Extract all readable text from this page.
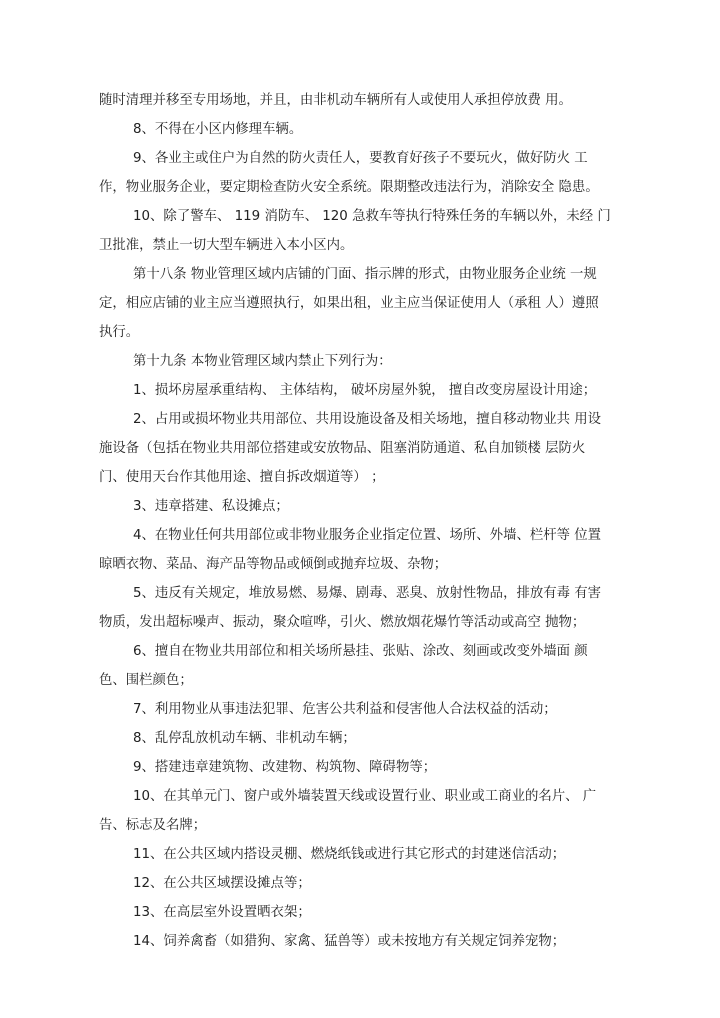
随时清理并移至专用场地，并且，由非机动车辆所有人或使用人承担停放费 用。
8、不得在小区内修理车辆。
9、各业主或住户为自然的防火责任人，要教育好孩子不要玩火，做好防火 工
作，物业服务企业，要定期检查防火安全系统。限期整改违法行为，消除安全 隐患。
10、除了警车、 119 消防车、 120 急救车等执行特殊任务的车辆以外，未经 门
卫批准，禁止一切大型车辆进入本小区内。
第十八条 物业管理区域内店铺的门面、指示牌的形式，由物业服务企业统 一规
定，相应店铺的业主应当遵照执行，如果出租，业主应当保证使用人（承租 人）遵照
执行。
第十九条 本物业管理区域内禁止下列行为：
1、损坏房屋承重结构、 主体结构， 破坏房屋外貌， 擅自改变房屋设计用途；
2、占用或损坏物业共用部位、共用设施设备及相关场地，擅自移动物业共 用设
施设备（包括在物业共用部位搭建或安放物品、阻塞消防通道、私自加锁楼 层防火
门、使用天台作其他用途、擅自拆改烟道等） ；
3、违章搭建、私设摊点；
4、在物业任何共用部位或非物业服务企业指定位置、场所、外墙、栏杆等 位置
晾晒衣物、菜品、海产品等物品或倾倒或抛弃垃圾、杂物；
5、违反有关规定，堆放易燃、易爆、剧毒、恶臭、放射性物品，排放有毒 有害
物质，发出超标噪声、振动，聚众喧哗，引火、燃放烟花爆竹等活动或高空 抛物；
6、擅自在物业共用部位和相关场所悬挂、张贴、涂改、刻画或改变外墙面 颜
色、围栏颜色；
7、利用物业从事违法犯罪、危害公共利益和侵害他人合法权益的活动；
8、乱停乱放机动车辆、非机动车辆；
9、搭建违章建筑物、改建物、构筑物、障碍物等；
10、在其单元门、窗户或外墙装置天线或设置行业、职业或工商业的名片、 广
告、标志及名牌；
11、在公共区域内搭设灵棚、燃烧纸钱或进行其它形式的封建迷信活动；
12、在公共区域摆设摊点等；
13、在高层室外设置晒衣架；
14、饲养禽畜（如猎狗、家禽、猛兽等）或未按地方有关规定饲养宠物；
